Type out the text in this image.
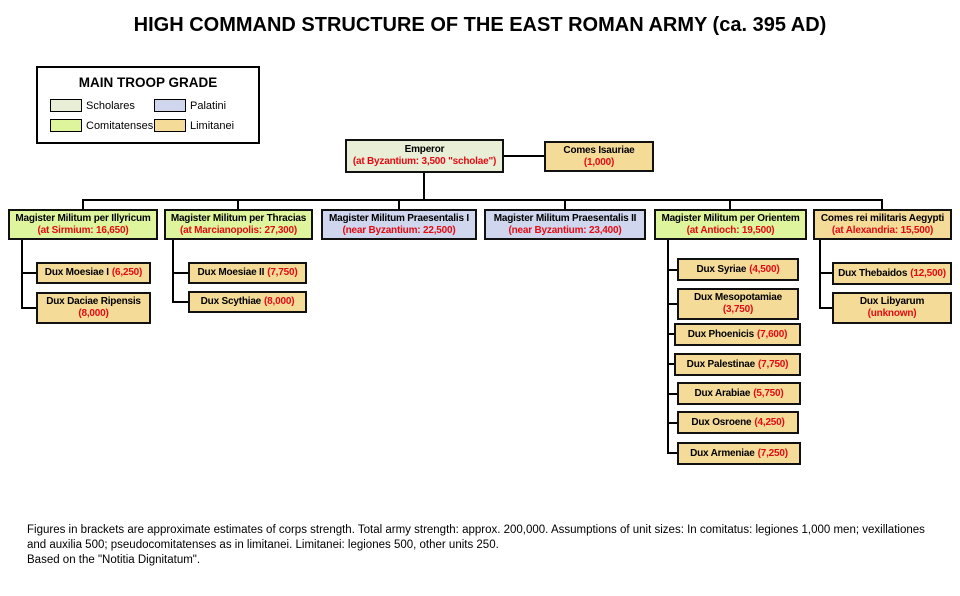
HIGH COMMAND STRUCTURE OF THE EAST ROMAN ARMY (ca. 395 AD)
MAIN TROOP GRADE
Scholares	Palatini
Comitatenses	Limitanei
Emperor
(at Byzantium: 3,500 "scholae")
Comes Isauriae
(1,000)
Magister Militum per Illyricum
(at Sirmium: 16,650)
Magister Militum per Thracias
(at Marcianopolis: 27,300)
Magister Militum Praesentalis I
(near Byzantium: 22,500)
Magister Militum Praesentalis II
(near Byzantium: 23,400)
Magister Militum per Orientem
(at Antioch: 19,500)
Comes rei militaris Aegypti
(at Alexandria: 15,500)
Dux Moesiae I (6,250)
Dux Daciae Ripensis
(8,000)
Dux Moesiae II (7,750)
Dux Scythiae (8,000)
Dux Syriae (4,500)
Dux Mesopotamiae
(3,750)
Dux Phoenicis (7,600)
Dux Palestinae (7,750)
Dux Arabiae (5,750)
Dux Osroene (4,250)
Dux Armeniae (7,250)
Dux Thebaidos (12,500)
Dux Libyarum
(unknown)
Figures in brackets are approximate estimates of corps strength. Total army strength: approx. 200,000. Assumptions of unit sizes: In comitatus: legiones 1,000 men; vexillationes and auxilia 500; pseudocomitatenses as in limitanei. Limitanei: legiones 500, other units 250.
Based on the "Notitia Dignitatum".
